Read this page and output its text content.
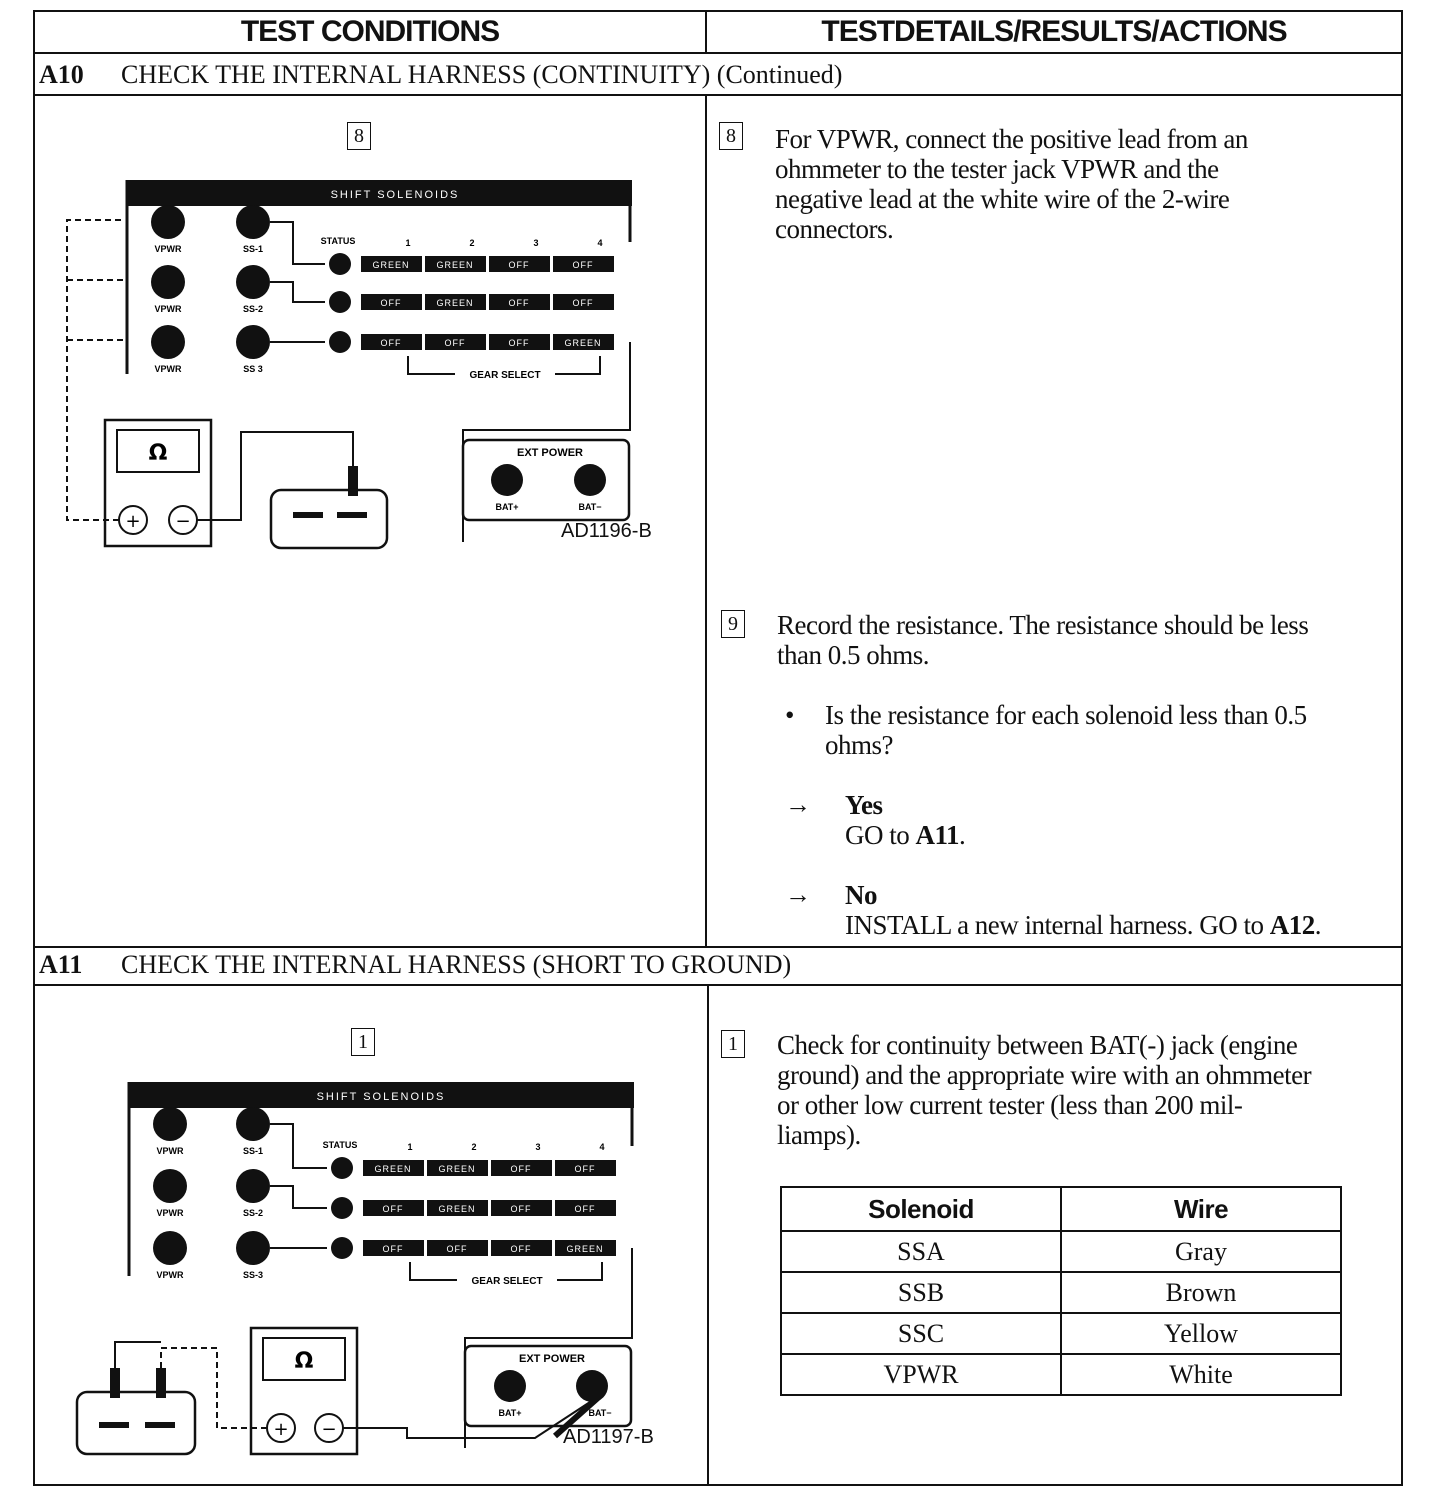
TEST CONDITIONS	TESTDETAILS/RESULTS/ACTIONS
A10 CHECK THE INTERNAL HARNESS (CONTINUITY) (Continued)
8
SHIFT SOLENOIDS
VPWR	SS-1
VPWR	SS-2
VPWR	SS 3
STATUS	1	2	3	4
GREEN	GREEN	OFF	OFF
OFF	GREEN	OFF	OFF
OFF	OFF	OFF	GREEN
GEAR SELECT
EXT POWER
BAT+	BAT−
Ω
+ −	AD1196-B
8 For VPWR, connect the positive lead from an
ohmmeter to the tester jack VPWR and the
negative lead at the white wire of the 2-wire
connectors.
9 Record the resistance. The resistance should be less
than 0.5 ohms.
• Is the resistance for each solenoid less than 0.5
ohms?
→ Yes
GO to A11.
→ No
INSTALL a new internal harness. GO to A12.
A11 CHECK THE INTERNAL HARNESS (SHORT TO GROUND)
1
SHIFT SOLENOIDS
VPWR	SS-1
VPWR	SS-2
VPWR	SS-3
STATUS	1	2	3	4
GREEN	GREEN	OFF	OFF
OFF	GREEN	OFF	OFF
OFF	OFF	OFF	GREEN
GEAR SELECT
EXT POWER
BAT+	BAT−
Ω
+ −	AD1197-B
1 Check for continuity between BAT(-) jack (engine
ground) and the appropriate wire with an ohmmeter
or other low current tester (less than 200 mil-
liamps).
Solenoid	Wire
SSA	Gray
SSB	Brown
SSC	Yellow
VPWR	White
